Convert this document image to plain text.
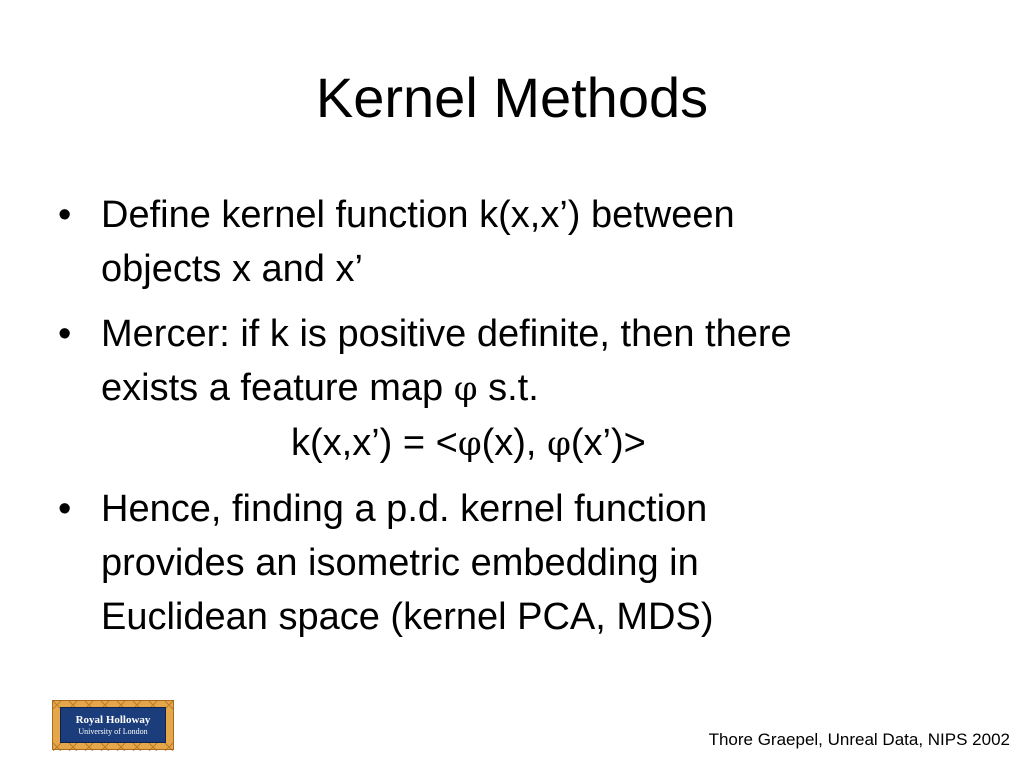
Kernel Methods
• Define kernel function k(x,x’) between
objects x and x’
• Mercer: if k is positive definite, then there
exists a feature map φ s.t.
k(x,x’) = <φ(x), φ(x’)>
• Hence, finding a p.d. kernel function
provides an isometric embedding in
Euclidean space (kernel PCA, MDS)
Royal Holloway
University of London	Thore Graepel, Unreal Data, NIPS 2002
